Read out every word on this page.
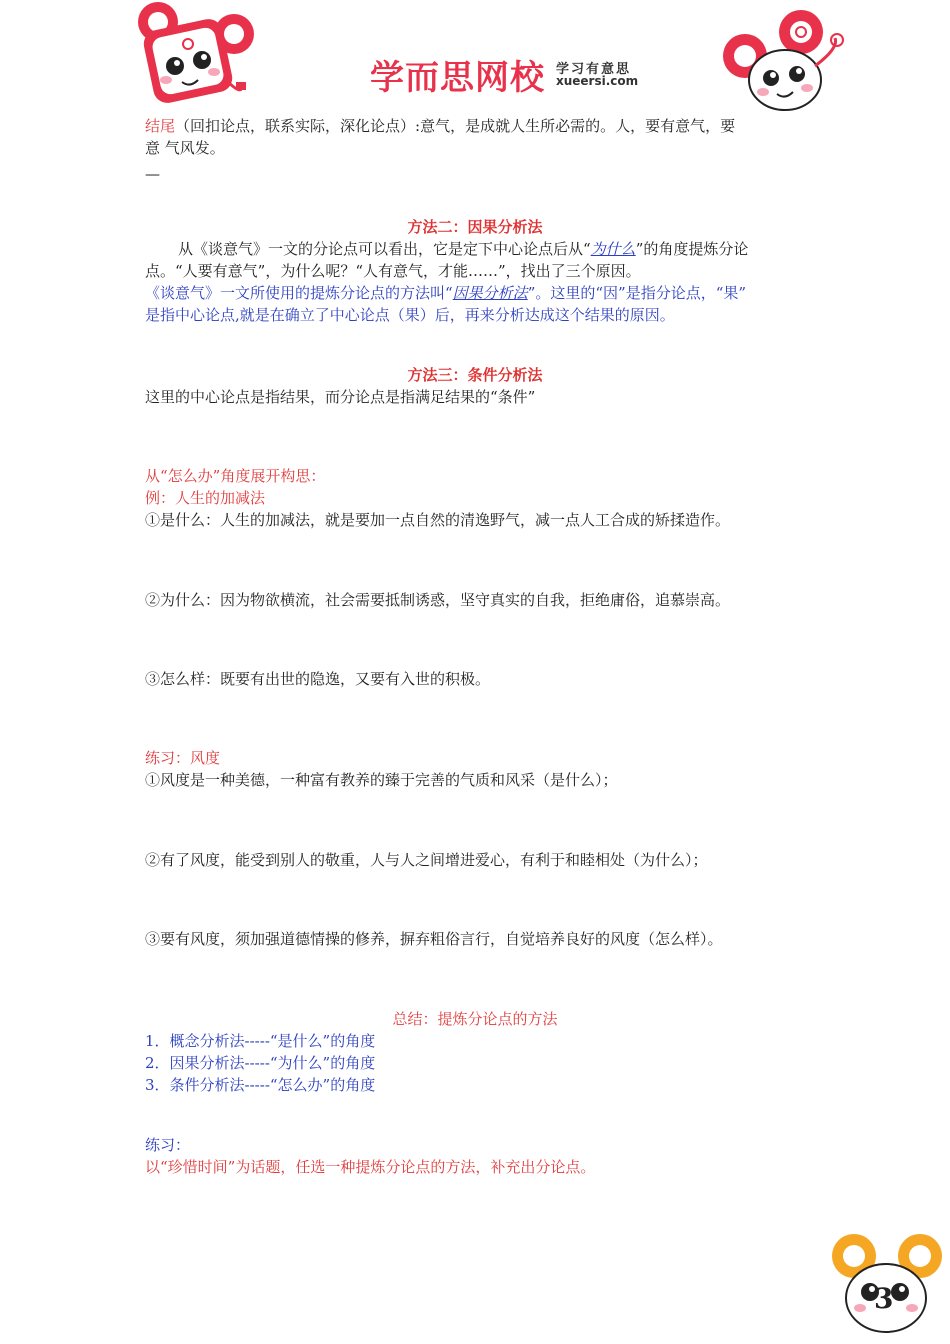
学而思网校 学习有意思
xueersi.com
结尾（回扣论点，联系实际，深化论点）:意气，是成就人生所必需的。人，要有意气，要
意 气风发。
—
方法二：因果分析法
从《谈意气》一文的分论点可以看出，它是定下中心论点后从“为什么”的角度提炼分论
点。“人要有意气”，为什么呢？“人有意气，才能……”，找出了三个原因。
《谈意气》一文所使用的提炼分论点的方法叫“因果分析法”。这里的“因”是指分论点，“果”
是指中心论点,就是在确立了中心论点（果）后，再来分析达成这个结果的原因。
方法三：条件分析法
这里的中心论点是指结果，而分论点是指满足结果的“条件”
从“怎么办”角度展开构思：
例：人生的加减法
①是什么：人生的加减法，就是要加一点自然的清逸野气，减一点人工合成的矫揉造作。
②为什么：因为物欲横流，社会需要抵制诱惑，坚守真实的自我，拒绝庸俗，追慕崇高。
③怎么样：既要有出世的隐逸，又要有入世的积极。
练习：风度
①风度是一种美德，一种富有教养的臻于完善的气质和风采（是什么）；
②有了风度，能受到别人的敬重，人与人之间增进爱心，有利于和睦相处（为什么）；
③要有风度，须加强道德情操的修养，摒弃粗俗言行，自觉培养良好的风度（怎么样）。
总结：提炼分论点的方法
1．概念分析法-----“是什么”的角度
2．因果分析法-----“为什么”的角度
3．条件分析法-----“怎么办”的角度
练习：
以“珍惜时间”为话题，任选一种提炼分论点的方法，补充出分论点。
3
